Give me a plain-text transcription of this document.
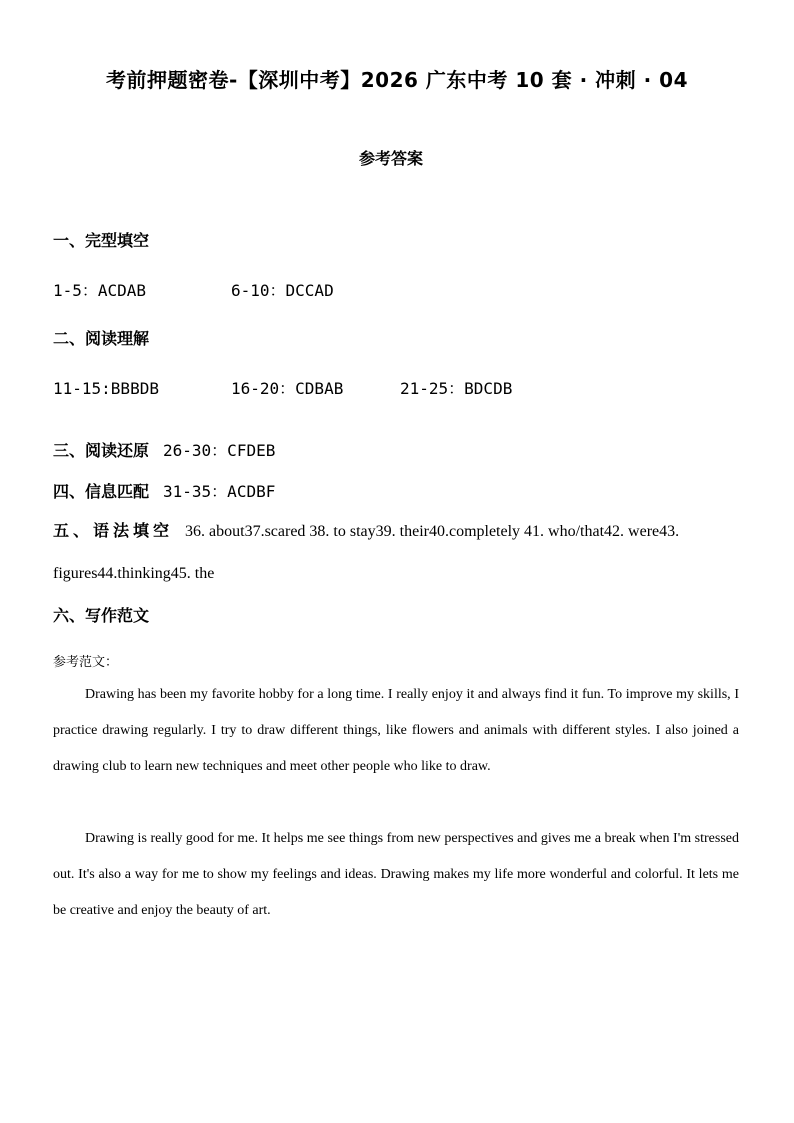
考前押题密卷-【深圳中考】2026 广东中考 10 套 · 冲刺 · 04
参考答案
一、完型填空
1-5：ACDAB	6-10：DCCAD
二、阅读理解
11-15:BBBDB	16-20：CDBAB	21-25：BDCDB
三、阅读还原 26-30：CFDEB
四、信息匹配 31-35：ACDBF
五、语法填空 36. about37.scared 38. to stay39. their40.completely 41. who/that42. were43. figures44.thinking45. the
六、写作范文
参考范文：

Drawing has been my favorite hobby for a long time. I really enjoy it and always find it fun. To improve my skills, I practice drawing regularly. I try to draw different things, like flowers and animals with different styles. I also joined a drawing club to learn new techniques and meet other people who like to draw.

Drawing is really good for me. It helps me see things from new perspectives and gives me a break when I'm stressed out. It's also a way for me to show my feelings and ideas. Drawing makes my life more wonderful and colorful. It lets me be creative and enjoy the beauty of art.
